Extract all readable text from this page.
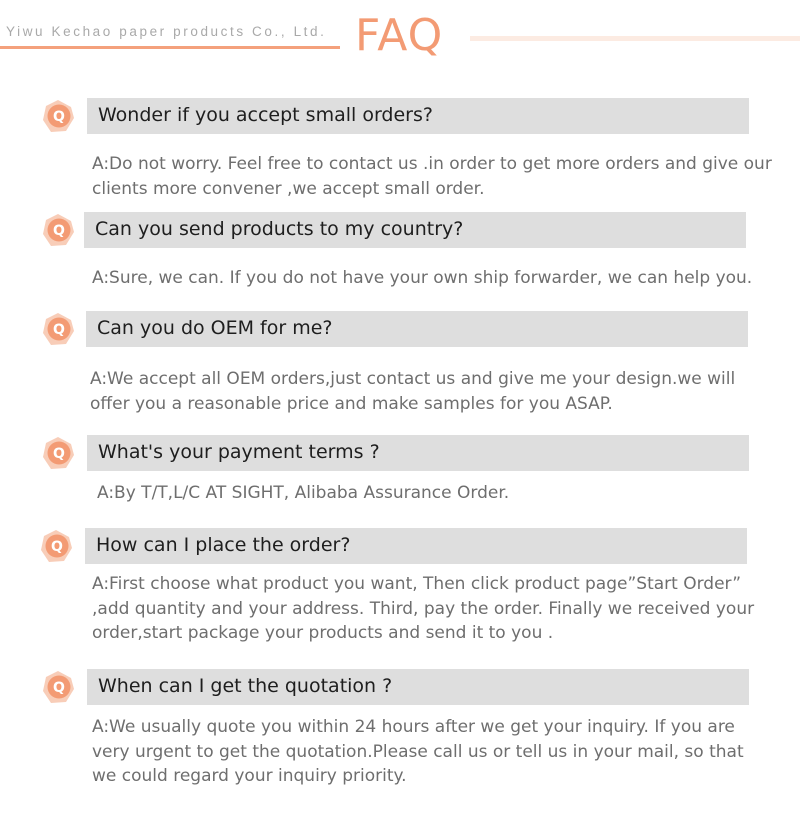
Yiwu Kechao paper products Co., Ltd. FAQ
Q Wonder if you accept small orders?
A:Do not worry. Feel free to contact us .in order to get more orders and give our clients more convener ,we accept small order.
Q Can you send products to my country?
A:Sure, we can. If you do not have your own ship forwarder, we can help you.
Q Can you do OEM for me?
A:We accept all OEM orders,just contact us and give me your design.we will offer you a reasonable price and make samples for you ASAP.
Q What's your payment terms ?
A:By T/T,L/C AT SIGHT, Alibaba Assurance Order.
Q How can I place the order?
A:First choose what product you want, Then click product page”Start Order” ,add quantity and your address. Third, pay the order. Finally we received your order,start package your products and send it to you .
Q When can I get the quotation ?
A:We usually quote you within 24 hours after we get your inquiry. If you are very urgent to get the quotation.Please call us or tell us in your mail, so that we could regard your inquiry priority.
